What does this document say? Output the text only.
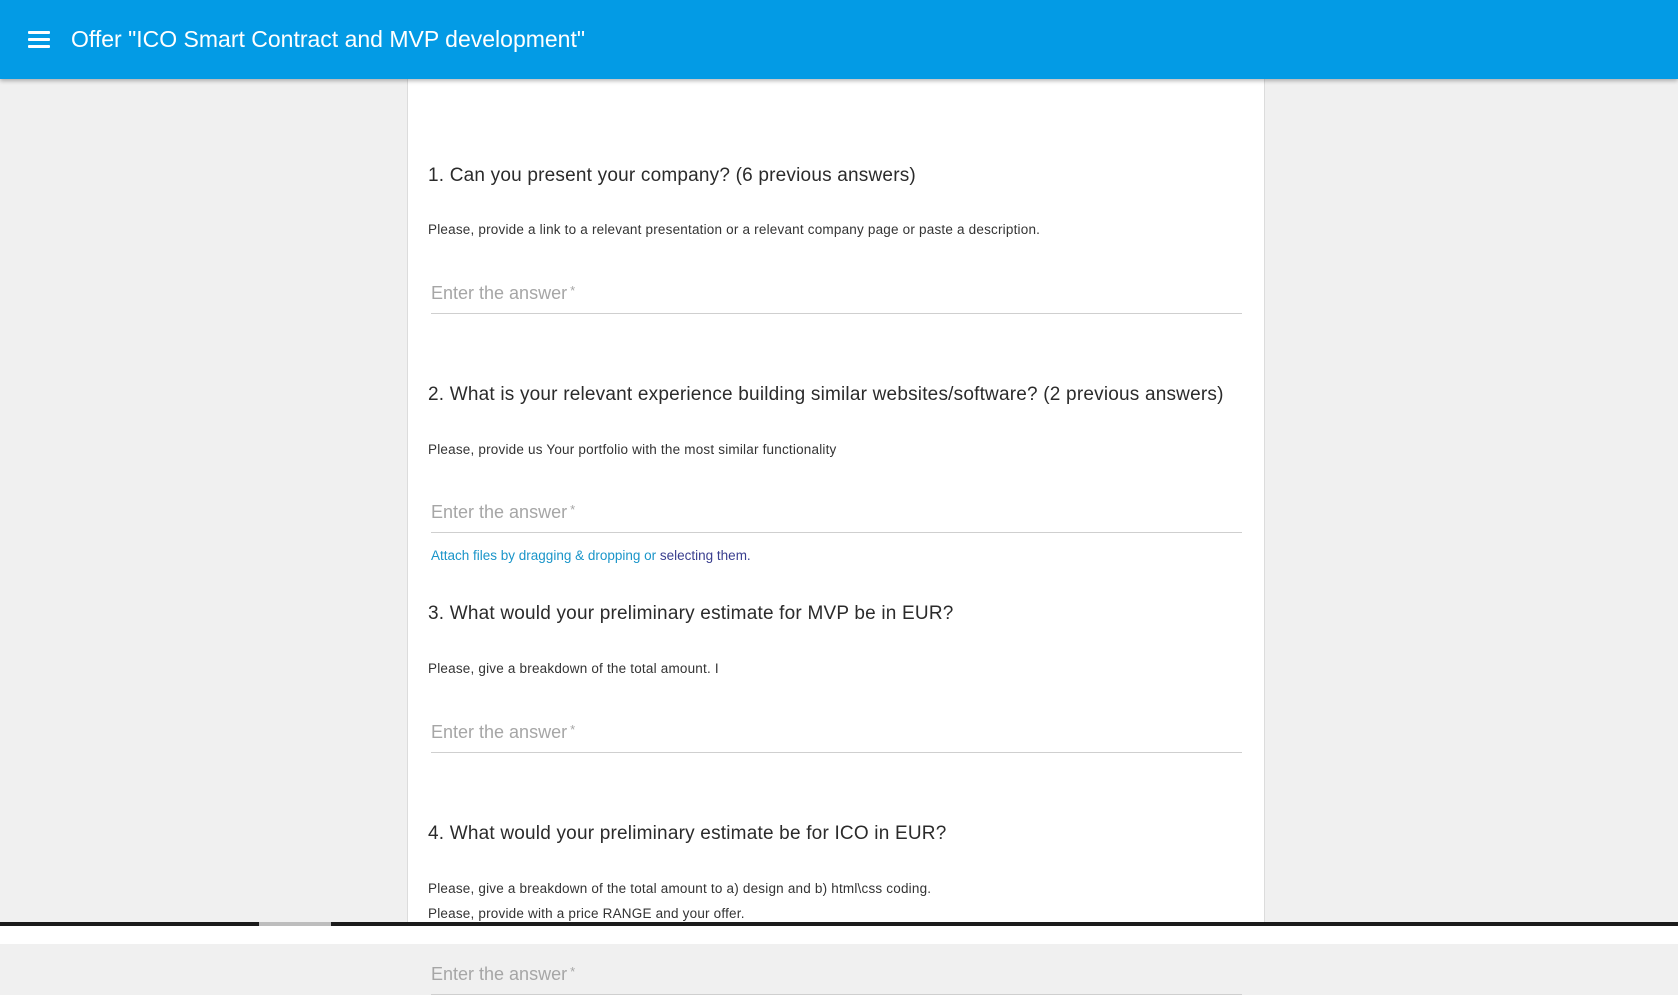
Offer "ICO Smart Contract and MVP development"
1. Can you present your company? (6 previous answers)
Please, provide a link to a relevant presentation or a relevant company page or paste a description.
Enter the answer *
2. What is your relevant experience building similar websites/software? (2 previous answers)
Please, provide us Your portfolio with the most similar functionality
Enter the answer *
Attach files by dragging & dropping or selecting them.
3. What would your preliminary estimate for MVP be in EUR?
Please, give a breakdown of the total amount. I
Enter the answer *
4. What would your preliminary estimate be for ICO in EUR?
Please, give a breakdown of the total amount to a) design and b) html\css coding.
Please, provide with a price RANGE and your offer.
Enter the answer *
